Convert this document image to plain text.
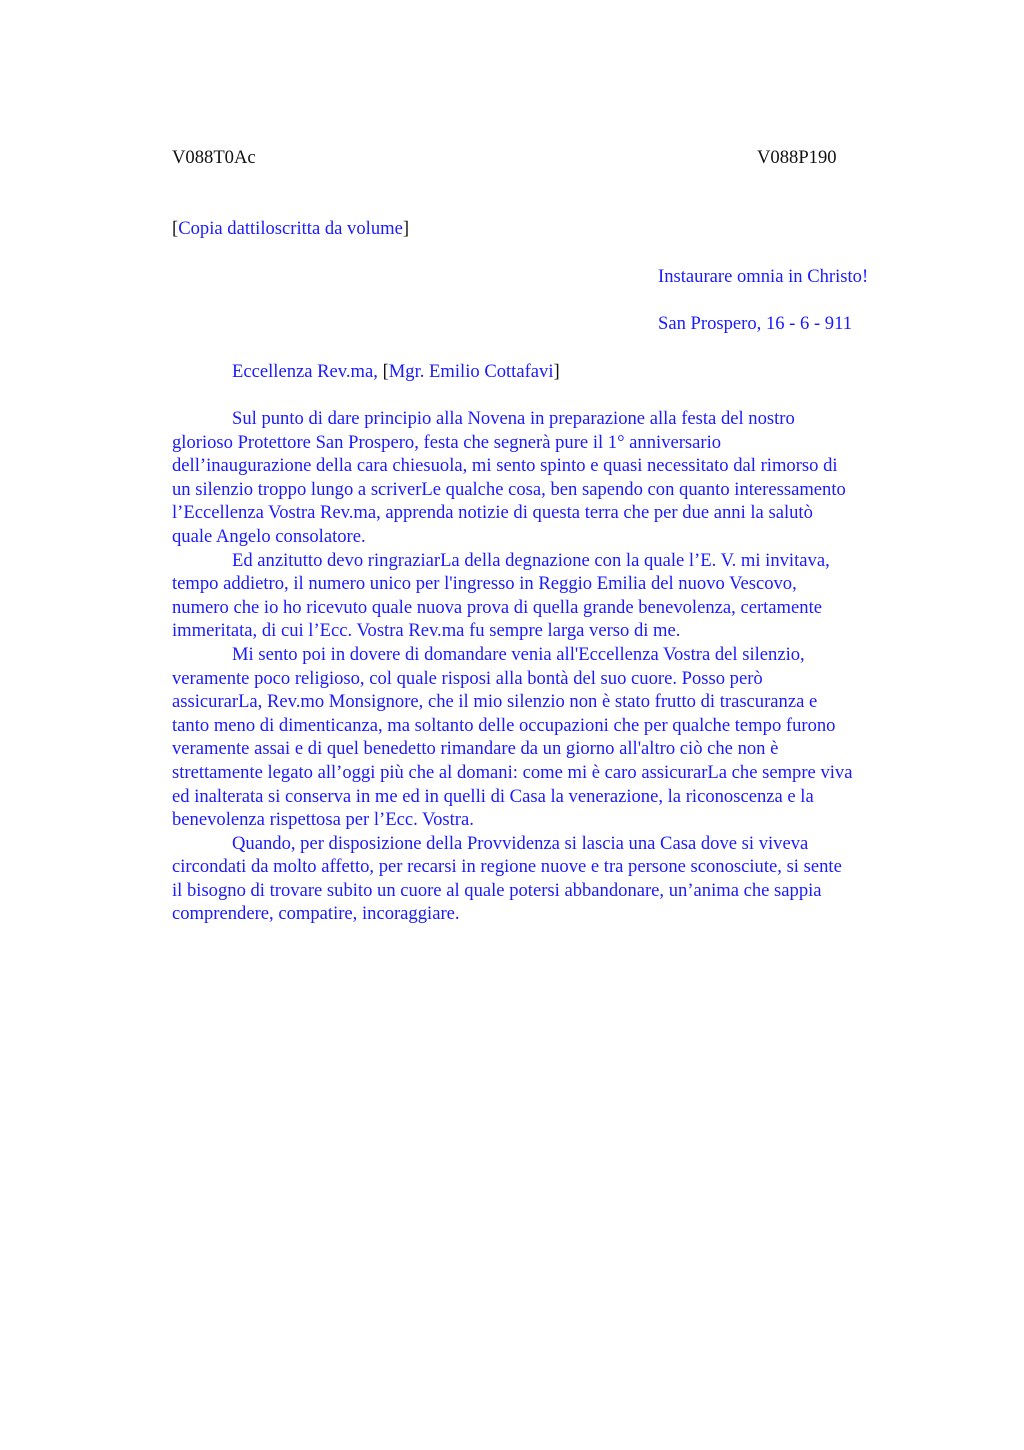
V088T0Ac	V088P190

[Copia dattiloscritta da volume]

Instaurare omnia in Christo!

San Prospero, 16 - 6 - 911

Eccellenza Rev.ma, [Mgr. Emilio Cottafavi]

Sul punto di dare principio alla Novena in preparazione alla festa del nostro
glorioso Protettore San Prospero, festa che segnerà pure il 1° anniversario
dell’inaugurazione della cara chiesuola, mi sento spinto e quasi necessitato dal rimorso di
un silenzio troppo lungo a scriverLe qualche cosa, ben sapendo con quanto interessamento
l’Eccellenza Vostra Rev.ma, apprenda notizie di questa terra che per due anni la salutò
quale Angelo consolatore.
Ed anzitutto devo ringraziarLa della degnazione con la quale l’E. V. mi invitava,
tempo addietro, il numero unico per l'ingresso in Reggio Emilia del nuovo Vescovo,
numero che io ho ricevuto quale nuova prova di quella grande benevolenza, certamente
immeritata, di cui l’Ecc. Vostra Rev.ma fu sempre larga verso di me.
Mi sento poi in dovere di domandare venia all'Eccellenza Vostra del silenzio,
veramente poco religioso, col quale risposi alla bontà del suo cuore. Posso però
assicurarLa, Rev.mo Monsignore, che il mio silenzio non è stato frutto di trascuranza e
tanto meno di dimenticanza, ma soltanto delle occupazioni che per qualche tempo furono
veramente assai e di quel benedetto rimandare da un giorno all'altro ciò che non è
strettamente legato all’oggi più che al domani: come mi è caro assicurarLa che sempre viva
ed inalterata si conserva in me ed in quelli di Casa la venerazione, la riconoscenza e la
benevolenza rispettosa per l’Ecc. Vostra.
Quando, per disposizione della Provvidenza si lascia una Casa dove si viveva
circondati da molto affetto, per recarsi in regione nuove e tra persone sconosciute, si sente
il bisogno di trovare subito un cuore al quale potersi abbandonare, un’anima che sappia
comprendere, compatire, incoraggiare.
